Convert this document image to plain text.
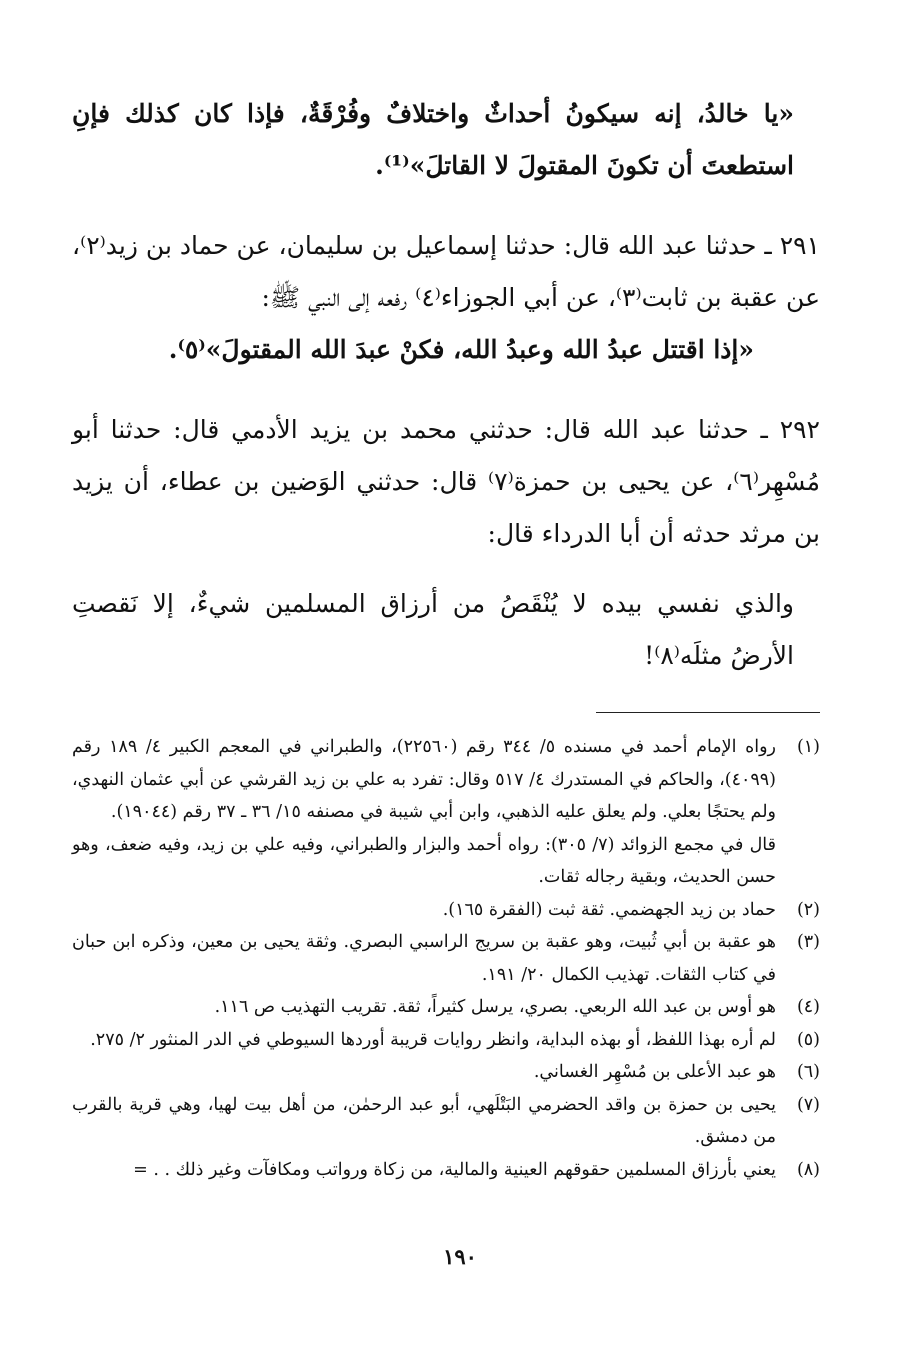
«يا خالدُ، إنه سيكونُ أحداثٌ واختلافٌ وفُرْقَةٌ، فإذا كان كذلك فإنِ استطعتَ أن تكونَ المقتولَ لا القاتلَ»⁽¹⁾.

٢٩١ ـ حدثنا عبد الله قال: حدثنا إسماعيل بن سليمان، عن حماد بن زيد⁽٢⁾، عن عقبة بن ثابت⁽٣⁾، عن أبي الجوزاء⁽٤⁾ رفعه إلى النبي ﷺ:

«إذا اقتتل عبدُ الله وعبدُ الله، فكنْ عبدَ الله المقتولَ»⁽٥⁾.

٢٩٢ ـ حدثنا عبد الله قال: حدثني محمد بن يزيد الأدمي قال: حدثنا أبو مُسْهِر⁽٦⁾، عن يحيى بن حمزة⁽٧⁾ قال: حدثني الوَضين بن عطاء، أن يزيد بن مرثد حدثه أن أبا الدرداء قال:

والذي نفسي بيده لا يُنْقَصُ من أرزاق المسلمين شيءٌ، إلا نَقصتِ الأرضُ مثلَه⁽٨⁾!

(١)

رواه الإمام أحمد في مسنده ٥/ ٣٤٤ رقم (٢٢٥٦٠)، والطبراني في المعجم الكبير ٤/ ١٨٩ رقم (٤٠٩٩)، والحاكم في المستدرك ٤/ ٥١٧ وقال: تفرد به علي بن زيد القرشي عن أبي عثمان النهدي، ولم يحتجًا بعلي. ولم يعلق عليه الذهبي، وابن أبي شيبة في مصنفه ١٥/ ٣٦ ـ ٣٧ رقم (١٩٠٤٤).

قال في مجمع الزوائد (٧/ ٣٠٥): رواه أحمد والبزار والطبراني، وفيه علي بن زيد، وفيه ضعف، وهو حسن الحديث، وبقية رجاله ثقات.

(٢)

حماد بن زيد الجهضمي. ثقة ثبت (الفقرة ١٦٥).

(٣)

هو عقبة بن أبي ثُبيت، وهو عقبة بن سريج الراسبي البصري. وثقة يحيى بن معين، وذكره ابن حبان في كتاب الثقات. تهذيب الكمال ٢٠/ ١٩١.

(٤)

هو أوس بن عبد الله الربعي. بصري، يرسل كثيراً، ثقة. تقريب التهذيب ص ١١٦.

(٥)

لم أره بهذا اللفظ، أو بهذه البداية، وانظر روايات قريبة أوردها السيوطي في الدر المنثور ٢/ ٢٧٥.

(٦)

هو عبد الأعلى بن مُسْهِر الغساني.

(٧)

يحيى بن حمزة بن واقد الحضرمي البَتْلَهي، أبو عبد الرحمٰن، من أهل بيت لهيا، وهي قرية بالقرب من دمشق.

(٨)

يعني بأرزاق المسلمين حقوقهم العينية والمالية، من زكاة ورواتب ومكافآت وغير ذلك . . =

١٩٠
